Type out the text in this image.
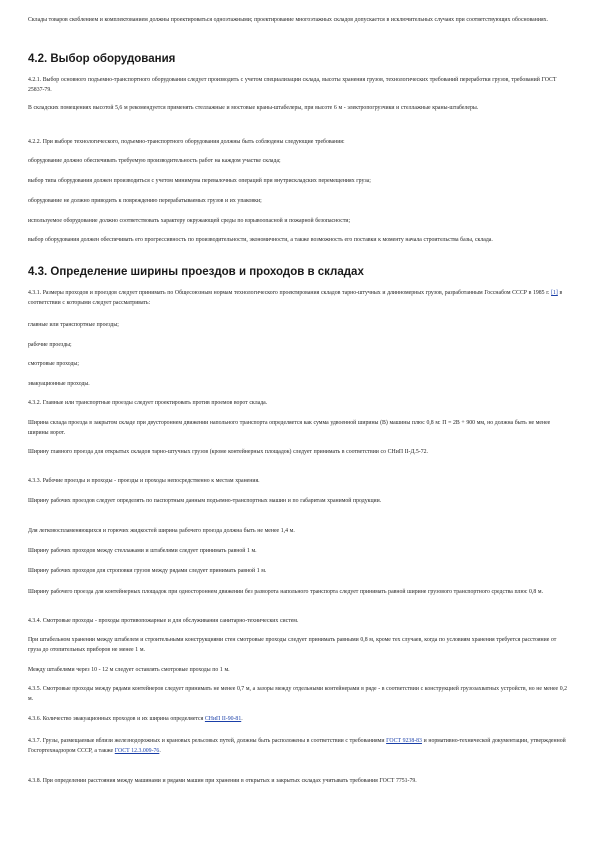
Склады товаров скоблением и комплектованием должны проектироваться одноэтажными; проектирование многоэтажных складов допускается в исключительных случаях при соответствующих обоснованиях.

4.2. Выбор оборудования

4.2.1. Выбор основного подъемно-транспортного оборудования следует производить с учетом специализации склада, высоты хранения грузов, технологических требований переработки грузов, требований ГОСТ 25837-79.

В складских помещениях высотой 5,6 м рекомендуется применять стеллажные и мостовые краны-штабелеры, при высоте 6 м - электропогрузчики и стеллажные краны-штабелеры.

4.2.2. При выборе технологического, подъемно-транспортного оборудования должны быть соблюдены следующие требования:

оборудование должно обеспечивать требуемую производительность работ на каждом участке склада;

выбор типа оборудования должен производиться с учетом минимума перевалочных операций при внутрискладских перемещениях груза;

оборудование не должно приводить к повреждению перерабатываемых грузов и их упаковки;

используемое оборудование должно соответствовать характеру окружающей среды по взрывоопасной и пожарной безопасности;

выбор оборудования должен обеспечивать его прогрессивность по производительности, экономичности, а также возможность его поставки к моменту начала строительства базы, склада.

4.3. Определение ширины проездов и проходов в складах

4.3.1. Размеры проходов и проездов следует принимать по Общесоюзным нормам технологического проектирования складов тарно-штучных и длинномерных грузов, разработанным Госснабом СССР в 1985 г. [1] в соответствии с которыми следует рассматривать:

главные или транспортные проезды;

рабочие проезды;

смотровые проходы;

эвакуационные проходы.

4.3.2. Главные или транспортные проезды следует проектировать против проемов ворот склада.

Ширина склада проезда в закрытом складе при двустороннем движении напольного транспорта определяется как сумма удвоенной ширины (В) машины плюс 0,8 м: П = 2В + 900 мм, но должна быть не менее ширины ворот.

Ширину главного проезда для открытых складов тарно-штучных грузов (кроме контейнерных площадок) следует принимать в соответствии со СНиП II-Д.5-72.

4.3.3. Рабочие проезды и проходы - проезды и проходы непосредственно к местам хранения.

Ширину рабочих проездов следует определять по паспортным данным подъемно-транспортных машин и по габаритам хранимой продукции.

Для легковоспламеняющихся и горючих жидкостей ширина рабочего проезда должна быть не менее 1,4 м.

Ширину рабочих проходов между стеллажами и штабелями следует принимать равной 1 м.

Ширину рабочих проходов для строповки грузов между рядами следует принимать равной 1 м.

Ширину рабочего проезда для контейнерных площадок при одностороннем движении без разворота напольного транспорта следует принимать равной ширине грузового транспортного средства плюс 0,8 м.

4.3.4. Смотровые проходы - проходы противопожарные и для обслуживания санитарно-технических систем.

При штабельном хранении между штабелем и строительными конструкциями стен смотровые проходы следует принимать равными 0,8 м, кроме тех случаев, когда по условиям хранения требуется расстояние от груза до отопительных приборов не менее 1 м.

Между штабелями через 10 - 12 м следует оставлять смотровые проходы по 1 м.

4.3.5. Смотровые проходы между рядами контейнеров следует принимать не менее 0,7 м, а зазоры между отдельными контейнерами в ряде - в соответствии с конструкцией грузозахватных устройств, но не менее 0,2 м.

4.3.6. Количество эвакуационных проходов и их ширина определяется СНиП II-90-81.

4.3.7. Грузы, размещаемые вблизи железнодорожных и крановых рельсовых путей, должны быть расположены в соответствии с требованиями ГОСТ 9238-83 и нормативно-технической документации, утвержденной Госгортехнадзором СССР, а также ГОСТ 12.3.009-76.

4.3.8. При определении расстояния между машинами и рядами машин при хранении в открытых и закрытых складах учитывать требования ГОСТ 7751-79.
